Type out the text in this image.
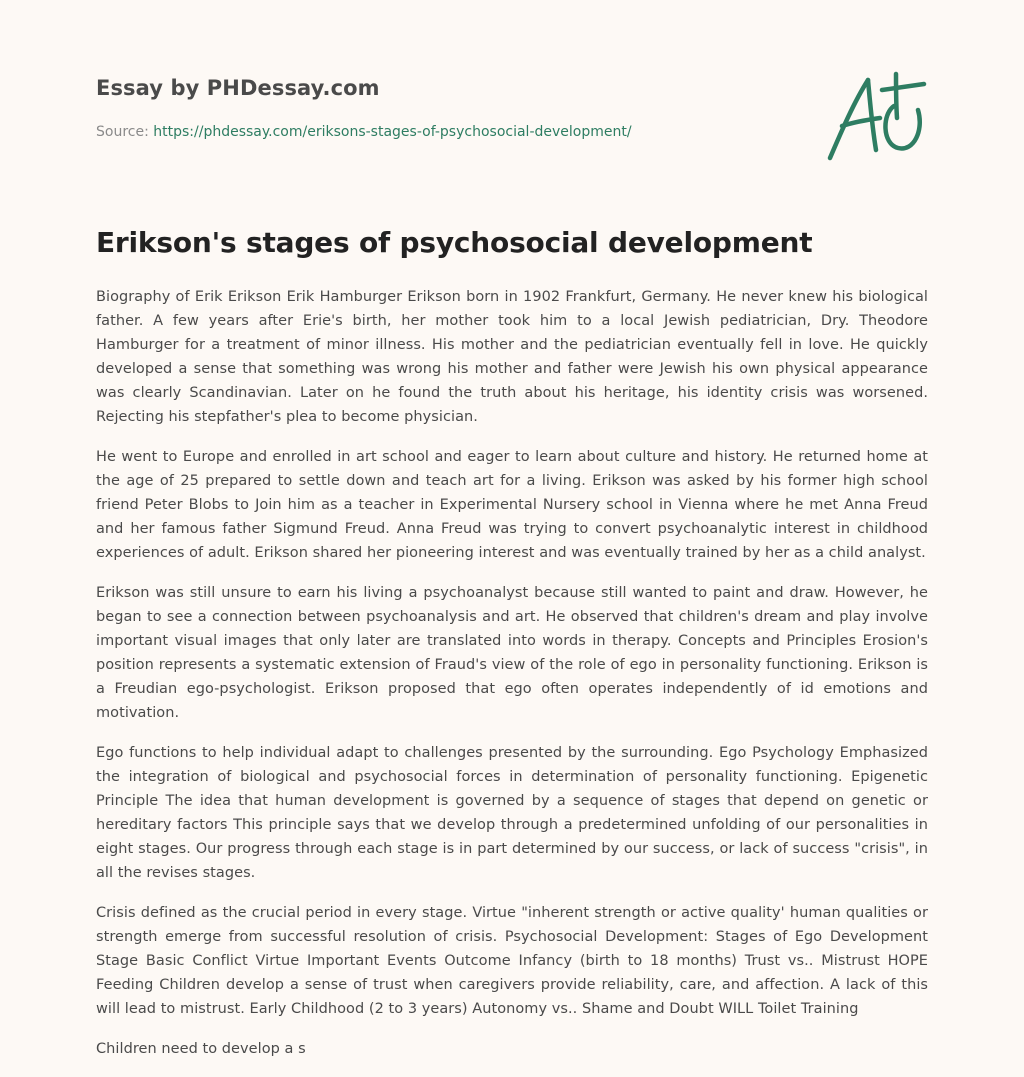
Essay by PHDessay.com
Source: https://phdessay.com/eriksons-stages-of-psychosocial-development/
Erikson's stages of psychosocial development

Biography of Erik Erikson Erik Hamburger Erikson born in 1902 Frankfurt, Germany. He never knew his biological father. A few years after Erie's birth, her mother took him to a local Jewish pediatrician, Dry. Theodore Hamburger for a treatment of minor illness. His mother and the pediatrician eventually fell in love. He quickly developed a sense that something was wrong his mother and father were Jewish his own physical appearance was clearly Scandinavian. Later on he found the truth about his heritage, his identity crisis was worsened. Rejecting his stepfather's plea to become physician.

He went to Europe and enrolled in art school and eager to learn about culture and history. He returned home at the age of 25 prepared to settle down and teach art for a living. Erikson was asked by his former high school friend Peter Blobs to Join him as a teacher in Experimental Nursery school in Vienna where he met Anna Freud and her famous father Sigmund Freud. Anna Freud was trying to convert psychoanalytic interest in childhood experiences of adult. Erikson shared her pioneering interest and was eventually trained by her as a child analyst.

Erikson was still unsure to earn his living a psychoanalyst because still wanted to paint and draw. However, he began to see a connection between psychoanalysis and art. He observed that children's dream and play involve important visual images that only later are translated into words in therapy. Concepts and Principles Erosion's position represents a systematic extension of Fraud's view of the role of ego in personality functioning. Erikson is a Freudian ego-psychologist. Erikson proposed that ego often operates independently of id emotions and motivation.

Ego functions to help individual adapt to challenges presented by the surrounding. Ego Psychology Emphasized the integration of biological and psychosocial forces in determination of personality functioning. Epigenetic Principle The idea that human development is governed by a sequence of stages that depend on genetic or hereditary factors This principle says that we develop through a predetermined unfolding of our personalities in eight stages. Our progress through each stage is in part determined by our success, or lack of success "crisis", in all the revises stages.

Crisis defined as the crucial period in every stage. Virtue "inherent strength or active quality' human qualities or strength emerge from successful resolution of crisis. Psychosocial Development: Stages of Ego Development Stage Basic Conflict Virtue Important Events Outcome Infancy (birth to 18 months) Trust vs.. Mistrust HOPE Feeding Children develop a sense of trust when caregivers provide reliability, care, and affection. A lack of this will lead to mistrust. Early Childhood (2 to 3 years) Autonomy vs.. Shame and Doubt WILL Toilet Training

Children need to develop a s
